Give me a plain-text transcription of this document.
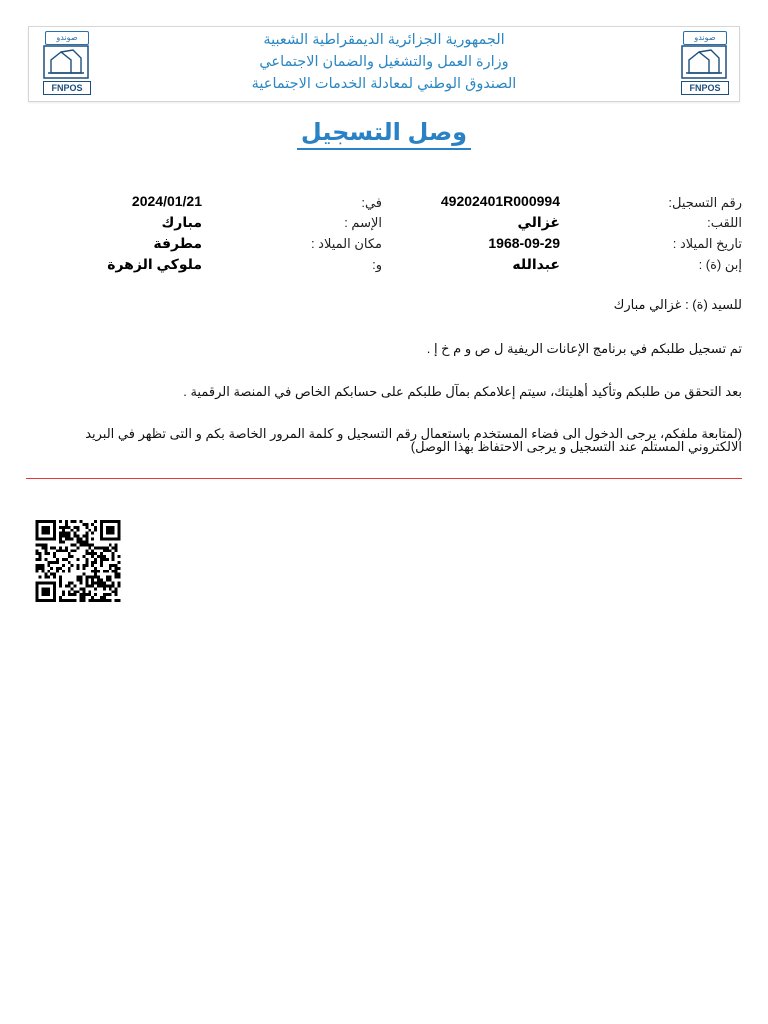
صوندو
FNPOS
الجمهورية الجزائرية الديمقراطية الشعبية
وزارة العمل والتشغيل والضمان الاجتماعي
الصندوق الوطني لمعادلة الخدمات الاجتماعية
صوندو
FNPOS
وصل التسجيل
رقم التسجيل:
اللقب:
تاريخ الميلاد :
إبن (ة) :
49202401R000994
غزالي
1968-09-29
عبدالله
في:
الإسم :
مكان الميلاد :
و:
2024/01/21
مبارك
مطرفة
ملوكي الزهرة
للسيد (ة) : غزالي مبارك
تم تسجيل طلبكم في برنامج الإعانات الريفية ل ص و م خ إ .
بعد التحقق من طلبكم وتأكيد أهليتك، سيتم إعلامكم بمآل طلبكم على حسابكم الخاص في المنصة الرقمية .
(لمتابعة ملفكم، يرجى الدخول الى فضاء المستخدم باستعمال رقم التسجيل و كلمة المرور الخاصة بكم و التى تظهر في البريد
الالكتروني المستلم عند التسجيل و يرجى الاحتفاظ بهذا الوصل)
